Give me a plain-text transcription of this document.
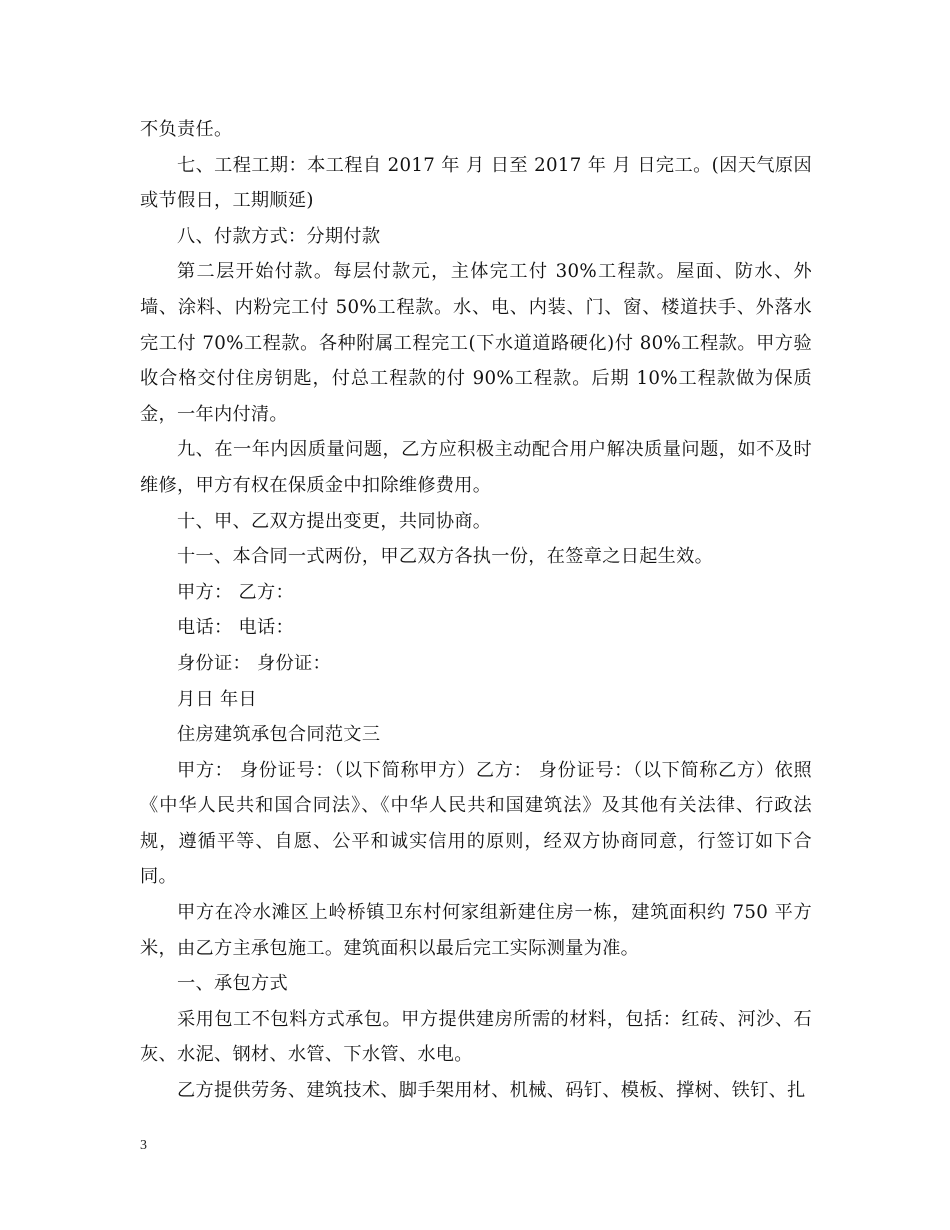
不负责任。

七、工程工期：本工程自 2017 年 月 日至 2017 年 月 日完工。(因天气原因或节假日，工期顺延)

八、付款方式：分期付款

第二层开始付款。每层付款元，主体完工付 30%工程款。屋面、防水、外墙、涂料、内粉完工付 50%工程款。水、电、内装、门、窗、楼道扶手、外落水完工付 70%工程款。各种附属工程完工(下水道道路硬化)付 80%工程款。甲方验收合格交付住房钥匙，付总工程款的付 90%工程款。后期 10%工程款做为保质金，一年内付清。

九、在一年内因质量问题，乙方应积极主动配合用户解决质量问题，如不及时维修，甲方有权在保质金中扣除维修费用。

十、甲、乙双方提出变更，共同协商。

十一、本合同一式两份，甲乙双方各执一份，在签章之日起生效。

甲方： 乙方：

电话： 电话：

身份证： 身份证：

月日 年日

住房建筑承包合同范文三

甲方： 身份证号：（以下简称甲方）乙方： 身份证号：（以下简称乙方）依照《中华人民共和国合同法》、《中华人民共和国建筑法》及其他有关法律、行政法规，遵循平等、自愿、公平和诚实信用的原则，经双方协商同意，行签订如下合同。

甲方在冷水滩区上岭桥镇卫东村何家组新建住房一栋，建筑面积约 750 平方米，由乙方主承包施工。建筑面积以最后完工实际测量为准。

一、承包方式

采用包工不包料方式承包。甲方提供建房所需的材料，包括：红砖、河沙、石灰、水泥、钢材、水管、下水管、水电。

乙方提供劳务、建筑技术、脚手架用材、机械、码钉、模板、撑树、铁钉、扎

3
